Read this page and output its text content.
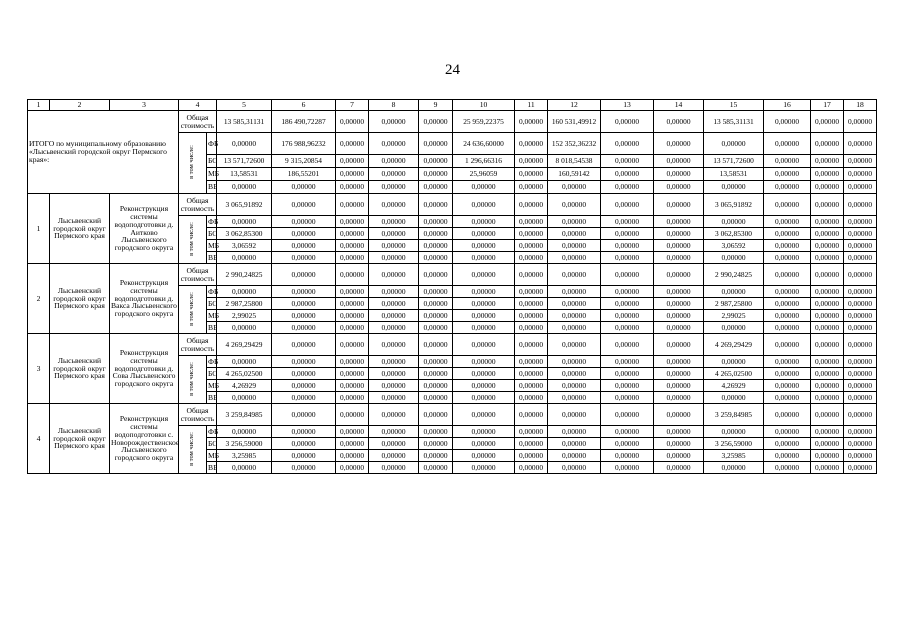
24
1	2	3	4		5	6	7	8	9	10	11	12	13	14	15	16	17	18
ИТОГО по муниципальному образованию «Лысьвенский городской округ Пермского края»:			Общая стоимость		13 585,31131	186 490,72287	0,00000	0,00000	0,00000	25 959,22375	0,00000	160 531,49912	0,00000	0,00000	13 585,31131	0,00000	0,00000	0,00000
			в том числе:	ФБ	0,00000	176 988,96232	0,00000	0,00000	0,00000	24 636,60000	0,00000	152 352,36232	0,00000	0,00000	0,00000	0,00000	0,00000	0,00000
				БС	13 571,72600	9 315,20854	0,00000	0,00000	0,00000	1 296,66316	0,00000	8 018,54538	0,00000	0,00000	13 571,72600	0,00000	0,00000	0,00000
				МБ	13,58531	186,55201	0,00000	0,00000	0,00000	25,96059	0,00000	160,59142	0,00000	0,00000	13,58531	0,00000	0,00000	0,00000
				ВБ	0,00000	0,00000	0,00000	0,00000	0,00000	0,00000	0,00000	0,00000	0,00000	0,00000	0,00000	0,00000	0,00000	0,00000
1	Лысьвенский городской округ Пермского края	Реконструкция системы водоподготовки д. Аитково Лысьвенского городского округа	Общая стоимость		3 065,91892	0,00000	0,00000	0,00000	0,00000	0,00000	0,00000	0,00000	0,00000	0,00000	3 065,91892	0,00000	0,00000	0,00000
			в том числе:	ФБ	0,00000	0,00000	0,00000	0,00000	0,00000	0,00000	0,00000	0,00000	0,00000	0,00000	0,00000	0,00000	0,00000	0,00000
				БС	3 062,85300	0,00000	0,00000	0,00000	0,00000	0,00000	0,00000	0,00000	0,00000	0,00000	3 062,85300	0,00000	0,00000	0,00000
				МБ	3,06592	0,00000	0,00000	0,00000	0,00000	0,00000	0,00000	0,00000	0,00000	0,00000	3,06592	0,00000	0,00000	0,00000
				ВБ	0,00000	0,00000	0,00000	0,00000	0,00000	0,00000	0,00000	0,00000	0,00000	0,00000	0,00000	0,00000	0,00000	0,00000
2	Лысьвенский городской округ Пермского края	Реконструкция системы водоподготовки д. Вакса Лысьвенского городского округа	Общая стоимость		2 990,24825	0,00000	0,00000	0,00000	0,00000	0,00000	0,00000	0,00000	0,00000	0,00000	2 990,24825	0,00000	0,00000	0,00000
			в том числе:	ФБ	0,00000	0,00000	0,00000	0,00000	0,00000	0,00000	0,00000	0,00000	0,00000	0,00000	0,00000	0,00000	0,00000	0,00000
				БС	2 987,25800	0,00000	0,00000	0,00000	0,00000	0,00000	0,00000	0,00000	0,00000	0,00000	2 987,25800	0,00000	0,00000	0,00000
				МБ	2,99025	0,00000	0,00000	0,00000	0,00000	0,00000	0,00000	0,00000	0,00000	0,00000	2,99025	0,00000	0,00000	0,00000
				ВБ	0,00000	0,00000	0,00000	0,00000	0,00000	0,00000	0,00000	0,00000	0,00000	0,00000	0,00000	0,00000	0,00000	0,00000
3	Лысьвенский городской округ Пермского края	Реконструкция системы водоподготовки д. Сова Лысьвенского городского округа	Общая стоимость		4 269,29429	0,00000	0,00000	0,00000	0,00000	0,00000	0,00000	0,00000	0,00000	0,00000	4 269,29429	0,00000	0,00000	0,00000
			в том числе:	ФБ	0,00000	0,00000	0,00000	0,00000	0,00000	0,00000	0,00000	0,00000	0,00000	0,00000	0,00000	0,00000	0,00000	0,00000
				БС	4 265,02500	0,00000	0,00000	0,00000	0,00000	0,00000	0,00000	0,00000	0,00000	0,00000	4 265,02500	0,00000	0,00000	0,00000
				МБ	4,26929	0,00000	0,00000	0,00000	0,00000	0,00000	0,00000	0,00000	0,00000	0,00000	4,26929	0,00000	0,00000	0,00000
				ВБ	0,00000	0,00000	0,00000	0,00000	0,00000	0,00000	0,00000	0,00000	0,00000	0,00000	0,00000	0,00000	0,00000	0,00000
4	Лысьвенский городской округ Пермского края	Реконструкция системы водоподготовки с. Новорождественское Лысьвенского городского округа	Общая стоимость		3 259,84985	0,00000	0,00000	0,00000	0,00000	0,00000	0,00000	0,00000	0,00000	0,00000	3 259,84985	0,00000	0,00000	0,00000
			в том числе:	ФБ	0,00000	0,00000	0,00000	0,00000	0,00000	0,00000	0,00000	0,00000	0,00000	0,00000	0,00000	0,00000	0,00000	0,00000
				БС	3 256,59000	0,00000	0,00000	0,00000	0,00000	0,00000	0,00000	0,00000	0,00000	0,00000	3 256,59000	0,00000	0,00000	0,00000
				МБ	3,25985	0,00000	0,00000	0,00000	0,00000	0,00000	0,00000	0,00000	0,00000	0,00000	3,25985	0,00000	0,00000	0,00000
				ВБ	0,00000	0,00000	0,00000	0,00000	0,00000	0,00000	0,00000	0,00000	0,00000	0,00000	0,00000	0,00000	0,00000	0,00000
